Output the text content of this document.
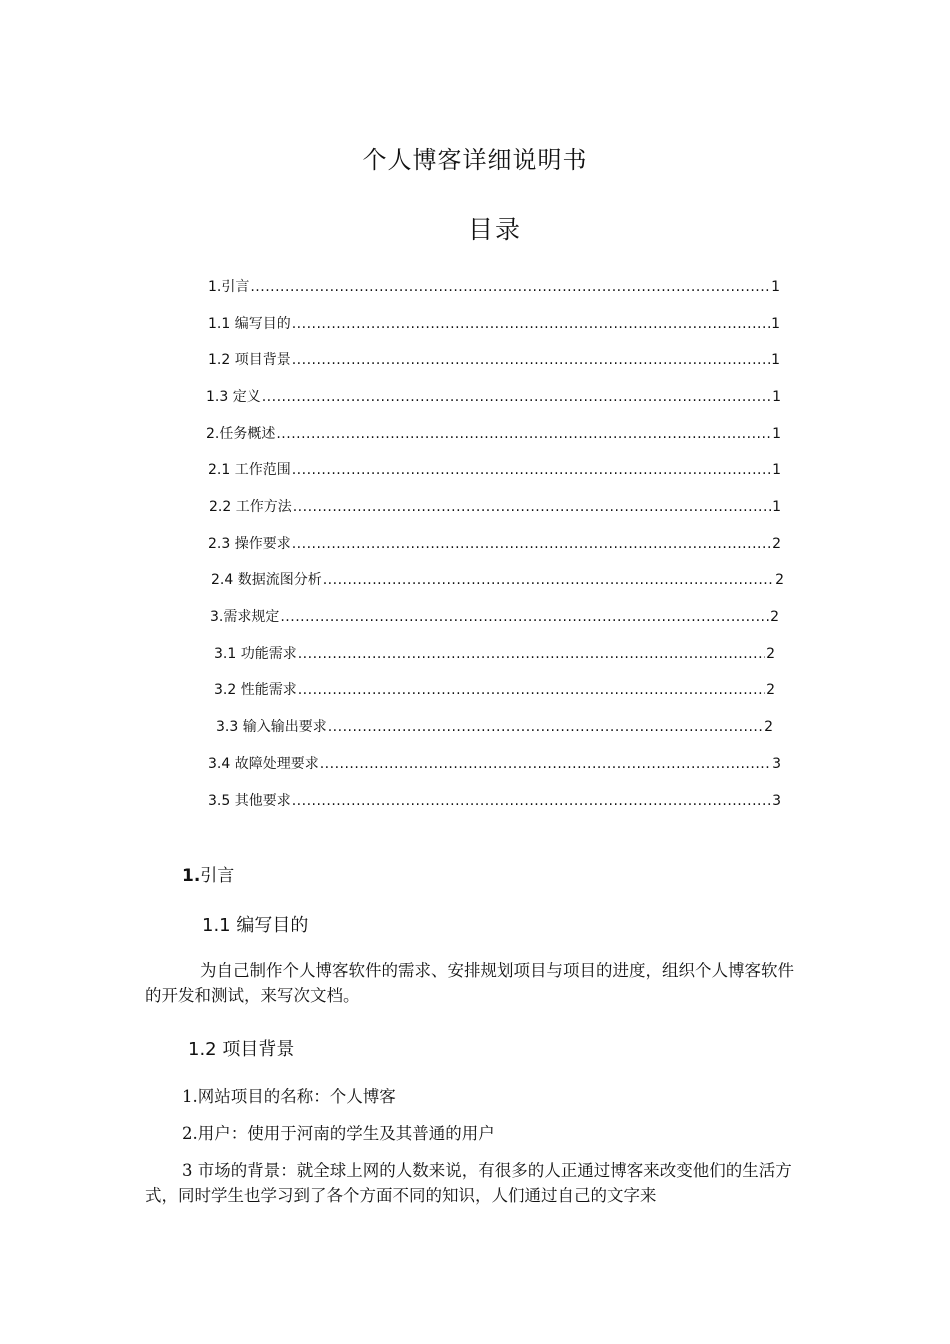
个人博客详细说明书
目录
1.引言 .....	1
1.1 编写目的 .....	1
1.2 项目背景 .....	1
1.3 定义 .....	1
2.任务概述 .....	1
2.1 工作范围 .....	1
2.2 工作方法 .....	1
2.3 操作要求 .....	2
2.4 数据流图分析 .....	2
3.需求规定 .....	2
3.1 功能需求 .....	2
3.2 性能需求 .....	2
3.3 输入输出要求 .....	2
3.4 故障处理要求 .....	3
3.5 其他要求 .....	3
1.引言
1.1 编写目的
为自己制作个人博客软件的需求、安排规划项目与项目的进度，组织个人博客软件的开发和测试，来写次文档。
1.2 项目背景
1.网站项目的名称：个人博客
2.用户：使用于河南的学生及其普通的用户
3 市场的背景：就全球上网的人数来说，有很多的人正通过博客来改变他们的生活方式，同时学生也学习到了各个方面不同的知识，人们通过自己的文字来
